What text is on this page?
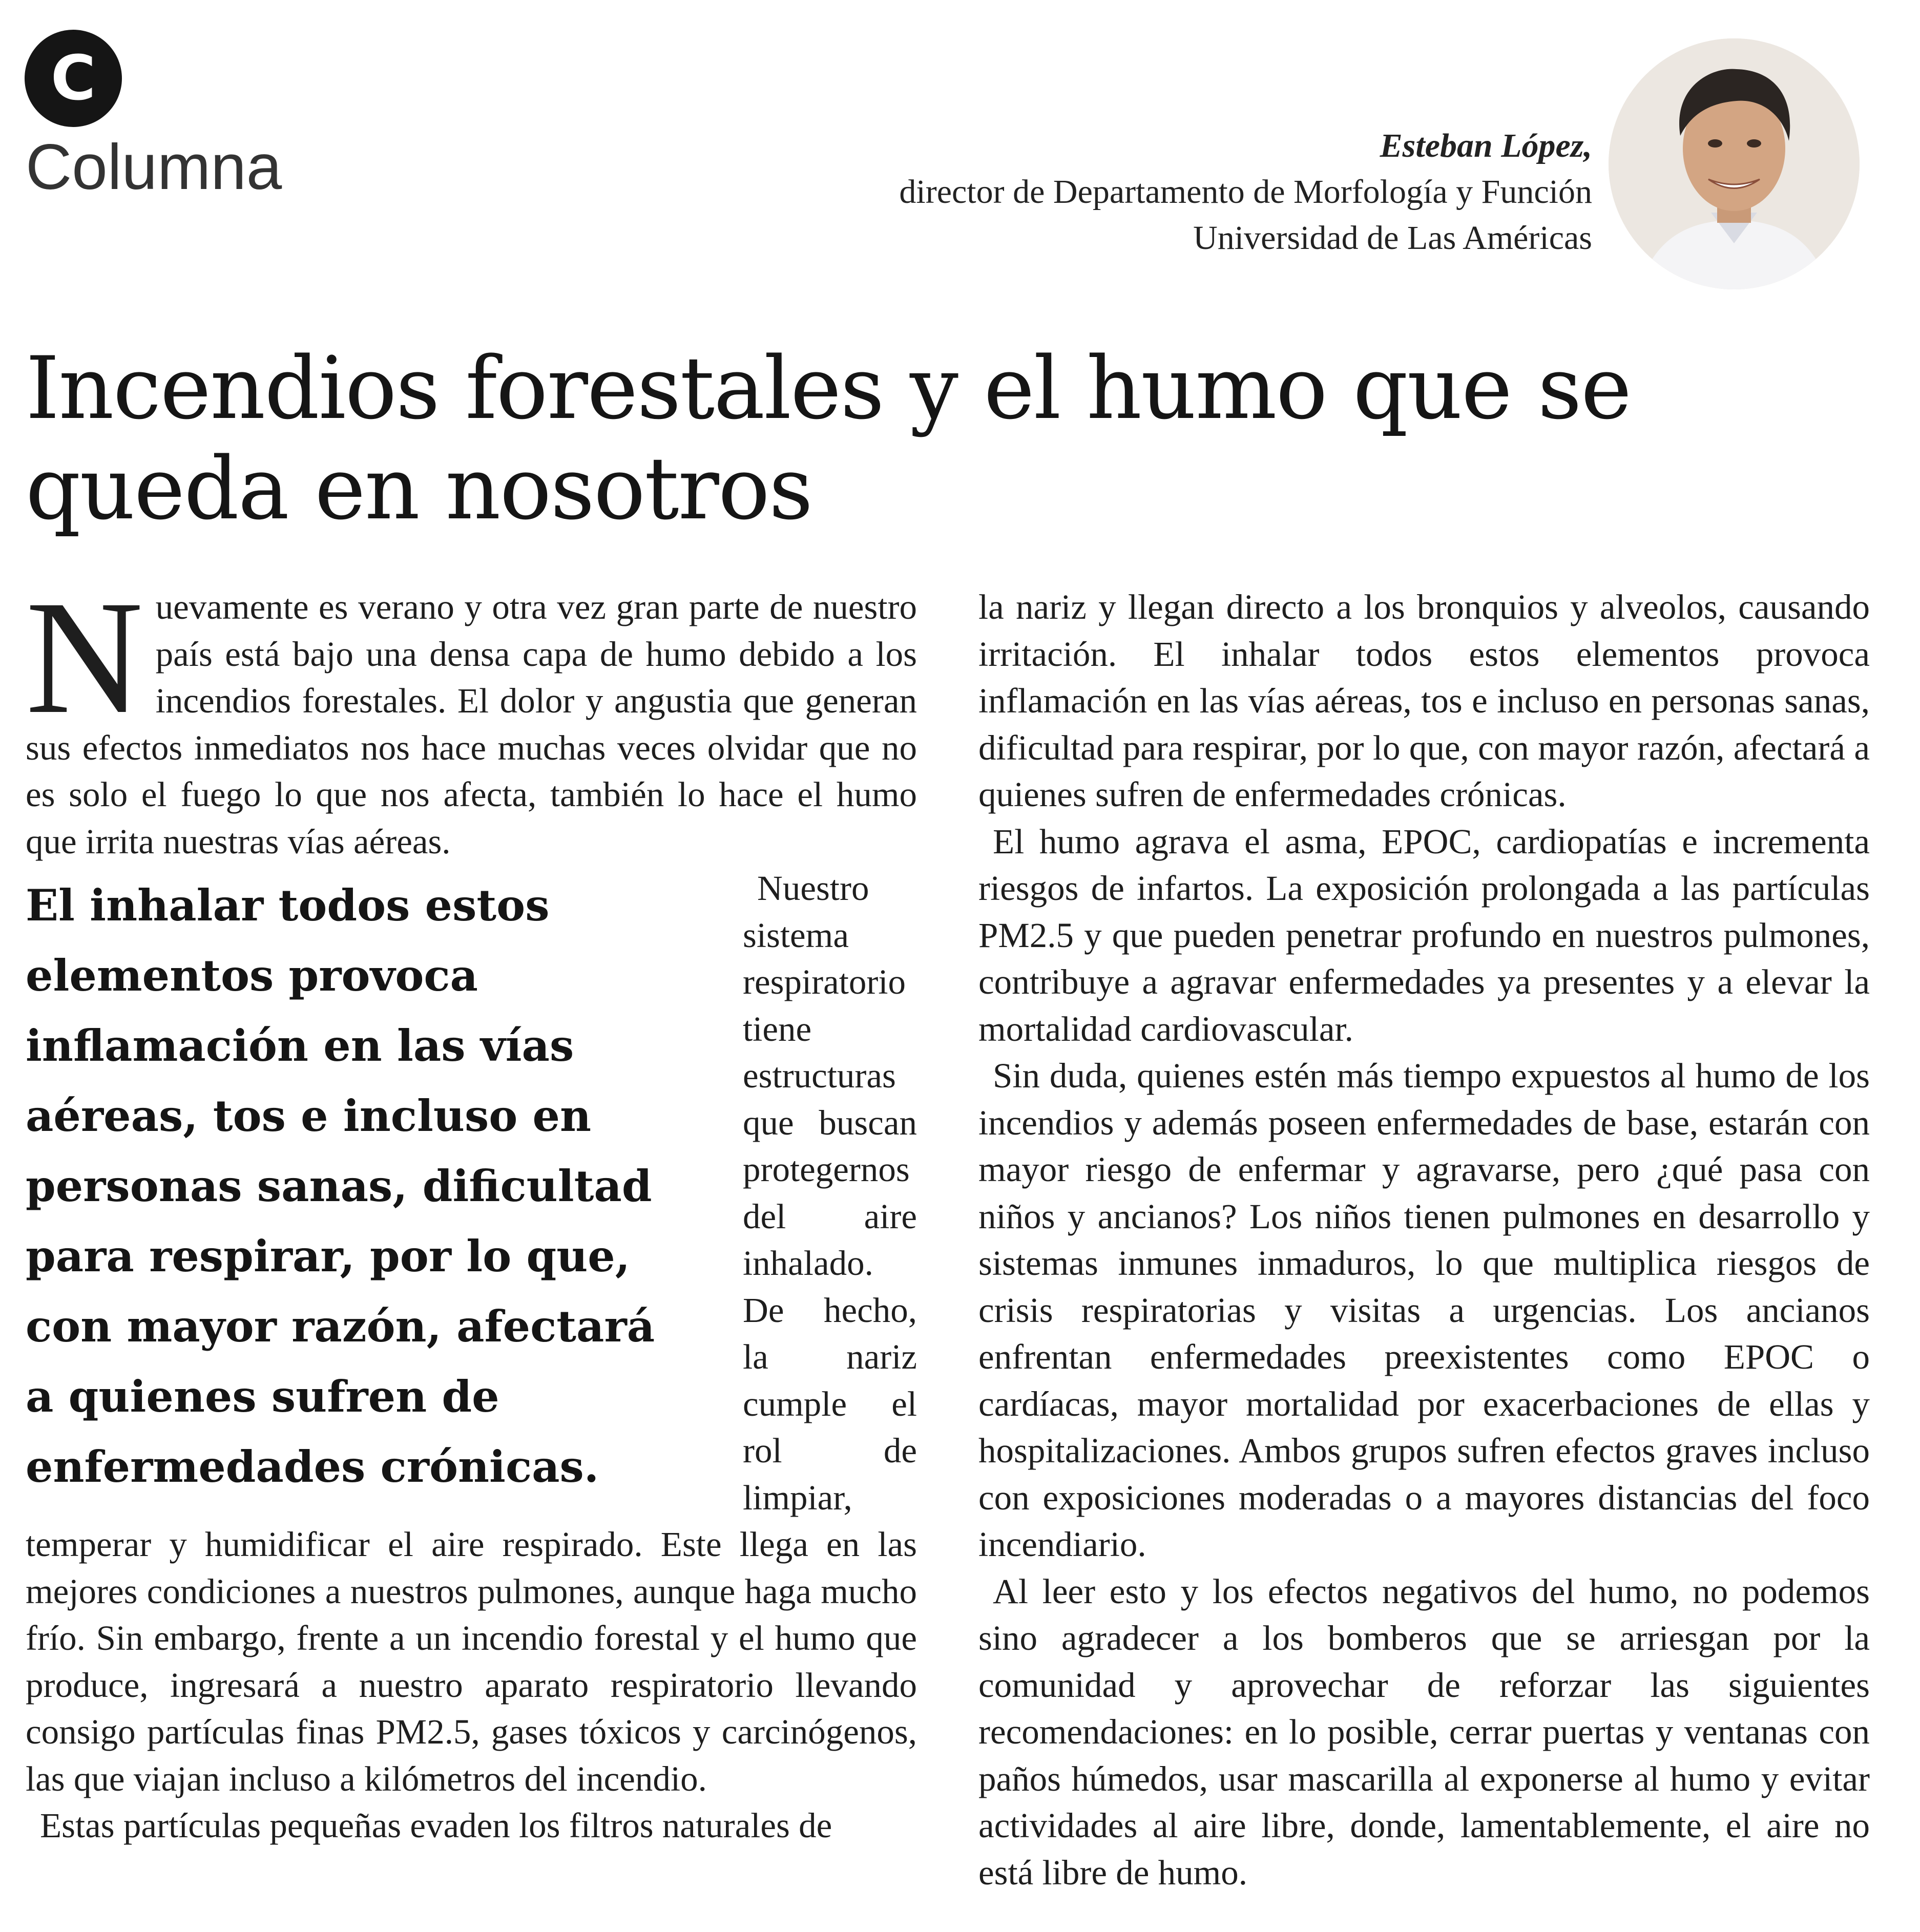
C
Columna	Esteban López,
director de Departamento de Morfología y Función
Universidad de Las Américas
Incendios forestales y el humo que se queda en nosotros

Nuevamente es verano y otra vez gran parte de nuestro país está bajo una densa capa de humo debido a los incendios forestales. El dolor y angustia que generan sus efectos inmediatos nos hace muchas veces olvidar que no es solo el fuego lo que nos afecta, también lo hace el humo que irrita nuestras vías aéreas.

El inhalar todos estos elementos provoca inflamación en las vías aéreas, tos e incluso en personas sanas, dificultad para respirar, por lo que, con mayor razón, afectará a quienes sufren de enfermedades crónicas.

Nuestro sistema respiratorio tiene estructuras que buscan protegernos del aire inhalado. De hecho, la nariz cumple el rol de limpiar, temperar y humidificar el aire respirado. Este llega en las mejores condiciones a nuestros pulmones, aunque haga mucho frío. Sin embargo, frente a un incendio forestal y el humo que produce, ingresará a nuestro aparato respiratorio llevando consigo partículas finas PM2.5, gases tóxicos y carcinógenos, las que viajan incluso a kilómetros del incendio.

Estas partículas pequeñas evaden los filtros naturales de

la nariz y llegan directo a los bronquios y alveolos, causando irritación. El inhalar todos estos elementos provoca inflamación en las vías aéreas, tos e incluso en personas sanas, dificultad para respirar, por lo que, con mayor razón, afectará a quienes sufren de enfermedades crónicas.

El humo agrava el asma, EPOC, cardiopatías e incrementa riesgos de infartos. La exposición prolongada a las partículas PM2.5 y que pueden penetrar profundo en nuestros pulmones, contribuye a agravar enfermedades ya presentes y a elevar la mortalidad cardiovascular.

Sin duda, quienes estén más tiempo expuestos al humo de los incendios y además poseen enfermedades de base, estarán con mayor riesgo de enfermar y agravarse, pero ¿qué pasa con niños y ancianos? Los niños tienen pulmones en desarrollo y sistemas inmunes inmaduros, lo que multiplica riesgos de crisis respiratorias y visitas a urgencias. Los ancianos enfrentan enfermedades preexistentes como EPOC o cardíacas, mayor mortalidad por exacerbaciones de ellas y hospitalizaciones. Ambos grupos sufren efectos graves incluso con exposiciones moderadas o a mayores distancias del foco incendiario.

Al leer esto y los efectos negativos del humo, no podemos sino agradecer a los bomberos que se arriesgan por la comunidad y aprovechar de reforzar las siguientes recomendaciones: en lo posible, cerrar puertas y ventanas con paños húmedos, usar mascarilla al exponerse al humo y evitar actividades al aire libre, donde, lamentablemente, el aire no está libre de humo.
